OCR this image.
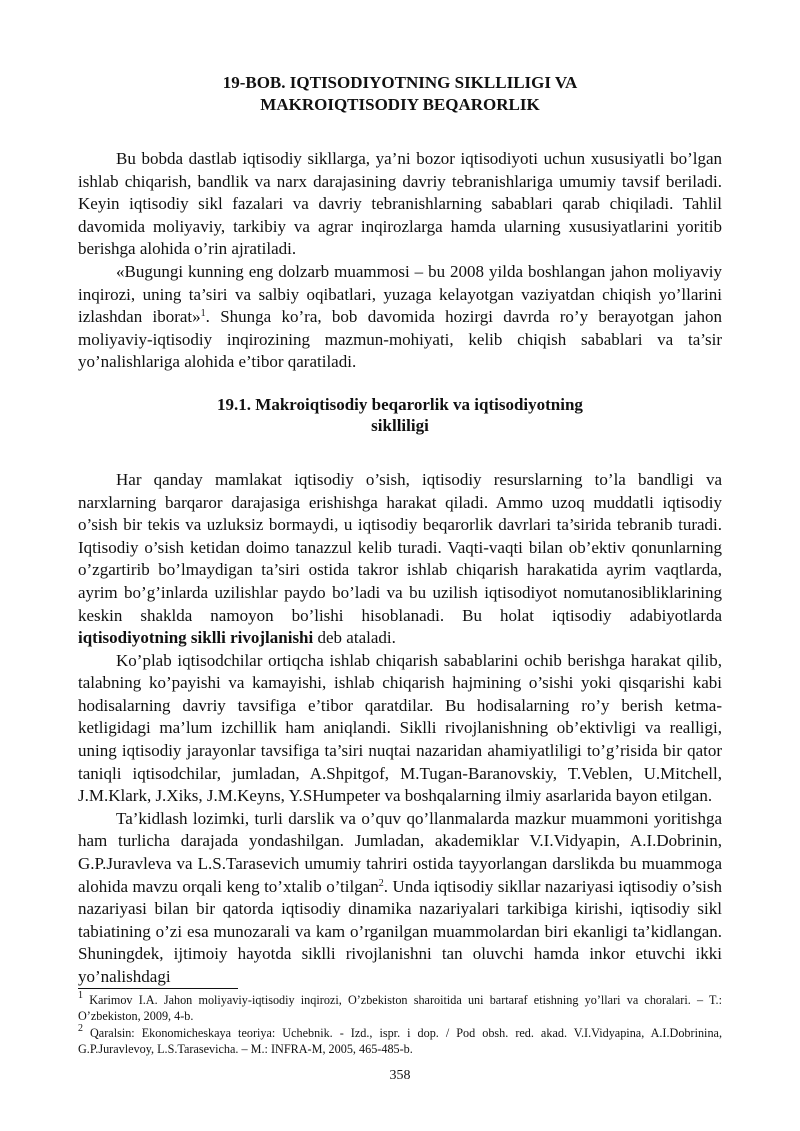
19-BOB. IQTISODIYOTNING SIKLLILIGI VA
MAKROIQTISODIY BEQARORLIK

Bu bobda dastlab iqtisodiy sikllarga, ya’ni bozor iqtisodiyoti uchun xususiyatli bo’lgan ishlab chiqarish, bandlik va narx darajasining davriy tebranishlariga umumiy tavsif beriladi. Keyin iqtisodiy sikl fazalari va davriy tebranishlarning sabablari qarab chiqiladi. Tahlil davomida moliyaviy, tarkibiy va agrar inqirozlarga hamda ularning xususiyatlarini yoritib berishga alohida o’rin ajratiladi.

«Bugungi kunning eng dolzarb muammosi – bu 2008 yilda boshlangan jahon moliyaviy inqirozi, uning ta’siri va salbiy oqibatlari, yuzaga kelayotgan vaziyatdan chiqish yo’llarini izlashdan iborat»$^1$. Shunga ko’ra, bob davomida hozirgi davrda ro’y berayotgan jahon moliyaviy-iqtisodiy inqirozining mazmun-mohiyati, kelib chiqish sabablari va ta’sir yo’nalishlariga alohida e’tibor qaratiladi.

19.1. Makroiqtisodiy beqarorlik va iqtisodiyotning
siklliligi

Har qanday mamlakat iqtisodiy o’sish, iqtisodiy resurslarning to’la bandligi va narxlarning barqaror darajasiga erishishga harakat qiladi. Ammo uzoq muddatli iqtisodiy o’sish bir tekis va uzluksiz bormaydi, u iqtisodiy beqarorlik davrlari ta’sirida tebranib turadi. Iqtisodiy o’sish ketidan doimo tanazzul kelib turadi. Vaqti-vaqti bilan ob’ektiv qonunlarning o’zgartirib bo’lmaydigan ta’siri ostida takror ishlab chiqarish harakatida ayrim vaqtlarda, ayrim bo’g’inlarda uzilishlar paydo bo’ladi va bu uzilish iqtisodiyot nomutanosibliklarining keskin shaklda namoyon bo’lishi hisoblanadi. Bu holat iqtisodiy adabiyotlarda iqtisodiyotning siklli rivojlanishi deb ataladi.

Ko’plab iqtisodchilar ortiqcha ishlab chiqarish sabablarini ochib berishga harakat qilib, talabning ko’payishi va kamayishi, ishlab chiqarish hajmining o’sishi yoki qisqarishi kabi hodisalarning davriy tavsifiga e’tibor qaratdilar. Bu hodisalarning ro’y berish ketma-ketligidagi ma’lum izchillik ham aniqlandi. Siklli rivojlanishning ob’ektivligi va realligi, uning iqtisodiy jarayonlar tavsifiga ta’siri nuqtai nazaridan ahamiyatliligi to’g’risida bir qator taniqli iqtisodchilar, jumladan, A.Shpitgof, M.Tugan-Baranovskiy, T.Veblen, U.Mitchell, J.M.Klark, J.Xiks, J.M.Keyns, Y.SHumpeter va boshqalarning ilmiy asarlarida bayon etilgan.

Ta’kidlash lozimki, turli darslik va o’quv qo’llanmalarda mazkur muammoni yoritishga ham turlicha darajada yondashilgan. Jumladan, akademiklar V.I.Vidyapin, A.I.Dobrinin, G.P.Juravleva va L.S.Tarasevich umumiy tahriri ostida tayyorlangan darslikda bu muammoga alohida mavzu orqali keng to’xtalib o’tilgan$^2$. Unda iqtisodiy sikllar nazariyasi iqtisodiy o’sish nazariyasi bilan bir qatorda iqtisodiy dinamika nazariyalari tarkibiga kirishi, iqtisodiy sikl tabiatining o’zi esa munozarali va kam o’rganilgan muammolardan biri ekanligi ta’kidlangan. Shuningdek, ijtimoiy hayotda siklli rivojlanishni tan oluvchi hamda inkor etuvchi ikki yo’nalishdagi

$^1$ Karimov I.A. Jahon moliyaviy-iqtisodiy inqirozi, O’zbekiston sharoitida uni bartaraf etishning yo’llari va choralari. – T.: O’zbekiston, 2009, 4-b.

$^2$ Qaralsin: Ekonomicheskaya teoriya: Uchebnik. - Izd., ispr. i dop. / Pod obsh. red. akad. V.I.Vidyapina, A.I.Dobrinina, G.P.Juravlevoy, L.S.Tarasevicha. – M.: INFRA-M, 2005, 465-485-b.

358
